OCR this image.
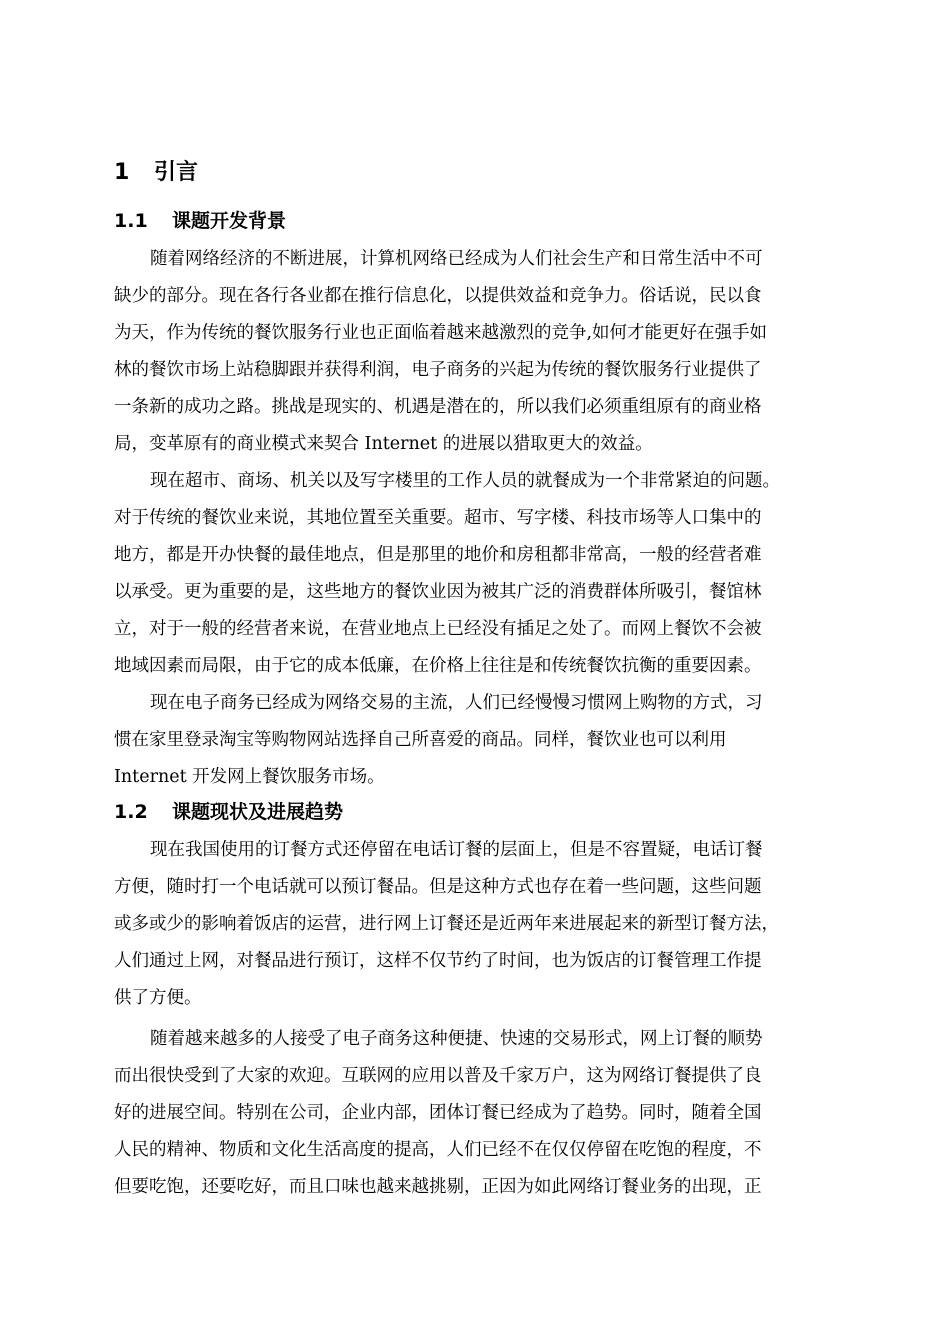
1 引言
1.1 课题开发背景
随着网络经济的不断进展，计算机网络已经成为人们社会生产和日常生活中不可
缺少的部分。现在各行各业都在推行信息化，以提供效益和竞争力。俗话说，民以食
为天，作为传统的餐饮服务行业也正面临着越来越激烈的竞争,如何才能更好在强手如
林的餐饮市场上站稳脚跟并获得利润，电子商务的兴起为传统的餐饮服务行业提供了
一条新的成功之路。挑战是现实的、机遇是潜在的，所以我们必须重组原有的商业格
局，变革原有的商业模式来契合 Internet 的进展以猎取更大的效益。
现在超市、商场、机关以及写字楼里的工作人员的就餐成为一个非常紧迫的问题。
对于传统的餐饮业来说，其地位置至关重要。超市、写字楼、科技市场等人口集中的
地方，都是开办快餐的最佳地点，但是那里的地价和房租都非常高，一般的经营者难
以承受。更为重要的是，这些地方的餐饮业因为被其广泛的消费群体所吸引，餐馆林
立，对于一般的经营者来说，在营业地点上已经没有插足之处了。而网上餐饮不会被
地域因素而局限，由于它的成本低廉，在价格上往往是和传统餐饮抗衡的重要因素。
现在电子商务已经成为网络交易的主流，人们已经慢慢习惯网上购物的方式，习
惯在家里登录淘宝等购物网站选择自己所喜爱的商品。同样，餐饮业也可以利用
Internet 开发网上餐饮服务市场。
1.2 课题现状及进展趋势
现在我国使用的订餐方式还停留在电话订餐的层面上，但是不容置疑，电话订餐
方便，随时打一个电话就可以预订餐品。但是这种方式也存在着一些问题，这些问题
或多或少的影响着饭店的运营，进行网上订餐还是近两年来进展起来的新型订餐方法，
人们通过上网，对餐品进行预订，这样不仅节约了时间，也为饭店的订餐管理工作提
供了方便。
随着越来越多的人接受了电子商务这种便捷、快速的交易形式，网上订餐的顺势
而出很快受到了大家的欢迎。互联网的应用以普及千家万户，这为网络订餐提供了良
好的进展空间。特别在公司，企业内部，团体订餐已经成为了趋势。同时，随着全国
人民的精神、物质和文化生活高度的提高，人们已经不在仅仅停留在吃饱的程度，不
但要吃饱，还要吃好，而且口味也越来越挑剔，正因为如此网络订餐业务的出现，正
